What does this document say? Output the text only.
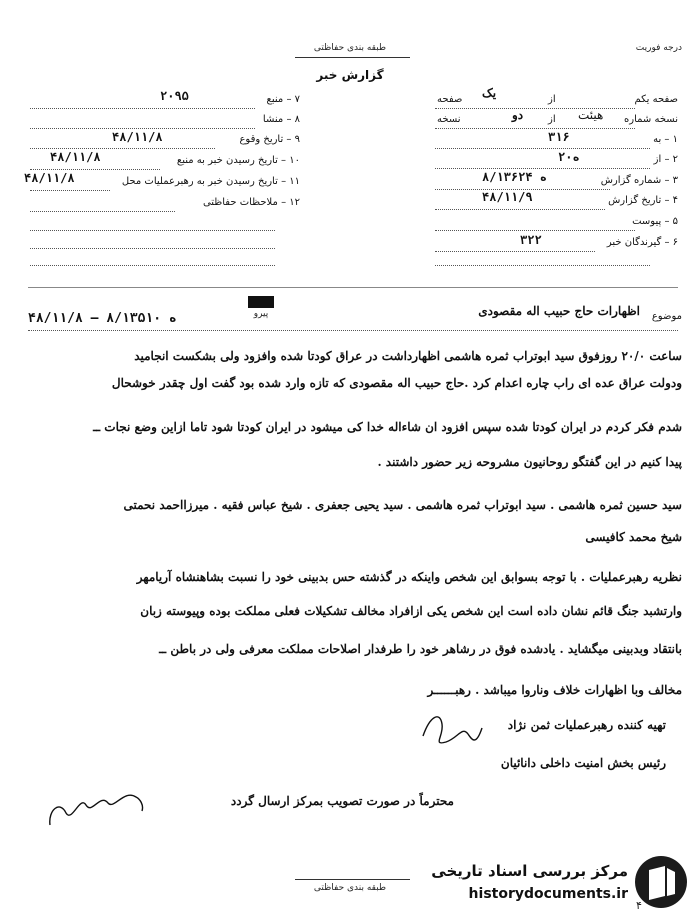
طبقه بندی حفاظتی	درجه فوریت
گزارش خبر
صفحه یکم
یک	از
صفحه
نسخه شماره
هیئت
از
دو
نسخه
۱ – به
۳۱۶
۲ – از
۲۰ه
۳ – شماره گزارش
۸/۱۳۶۲۴ ه
۴ – تاریخ گزارش
۴۸/۱۱/۹
۵ – پیوست
۶ – گیرندگان خبر
۳۲۲
۷ – منبع
۲۰۹۵
۸ – منشا
۹ – تاریخ وقوع
۴۸/۱۱/۸
۱۰ – تاریخ رسیدن خبر به منبع
۴۸/۱۱/۸
۱۱ – تاریخ رسیدن خبر به رهبرعملیات محل
۴۸/۱۱/۸
۱۲ – ملاحظات حفاظتی
موضوع
اظهارات حاج حبیب اله مقصودی
پیرو
۴۸/۱۱/۸ – ۸/۱۳۵۱۰ ه
ساعت ۲۰/۰ روزفوق سید ابوتراب ثمره هاشمی اظهارداشت در عراق کودتا شده وافزود ولی بشکست انجامید
ودولت عراق عده ای راب چاره اعدام کرد .حاج حبیب اله مقصودی که تازه وارد شده بود گفت اول چقدر خوشحال
شدم فکر کردم در ایران کودتا شده سپس افزود ان شاءاله خدا کی میشود در ایران کودتا شود تاما ازاین وضع نجات ــ
پیدا کنیم در این گفتگو روحانیون مشروحه زیر حضور داشتند .
سید حسین ثمره هاشمی . سید ابوتراب ثمره هاشمی . سید یحیی جعفری . شیخ عباس فقیه . میرزااحمد نحمتی
شیخ محمد کافیسی
نظریه رهبرعملیات . با توجه بسوابق این شخص واینکه در گذشته حس بدبینی خود را نسبت بشاهنشاه آریامهر
وارتشبد جنگ قائم نشان داده است این شخص یکی ازافراد مخالف تشکیلات فعلی مملکت بوده وپیوسته زبان
بانتقاد وبدبینی میگشاید . یادشده فوق در رشاهر خود را طرفدار اصلاحات مملکت معرفی ولی در باطن ــ
مخالف وبا اظهارات خلاف وناروا میباشد . رهبــــــر
تهیه کننده رهبرعملیات ثمن نژاد
رئیس بخش امنیت داخلی دانائیان
محترماً در صورت تصویب بمرکز ارسال گردد
طبقه بندی حفاظتی
مرکز بررسی اسناد تاریخی
historydocuments.ir
۴
